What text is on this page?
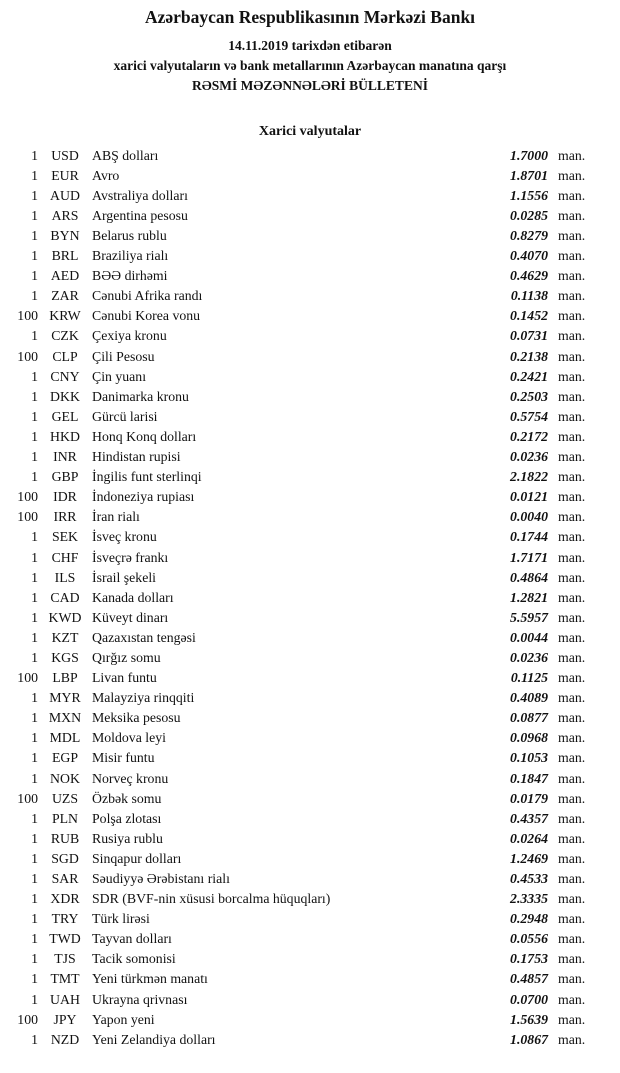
Azərbaycan Respublikasının Mərkəzi Bankı
14.11.2019 tarixdən etibarən
xarici valyutaların və bank metallarının Azərbaycan manatına qarşı
RƏSMİ MƏZƏNNƏLƏRİ BÜLLETENİ
Xarici valyutalar
1 USD ABŞ dolları	1.7000 man.
1 EUR Avro	1.8701 man.
1 AUD Avstraliya dolları	1.1556 man.
1 ARS Argentina pesosu	0.0285 man.
1 BYN Belarus rublu	0.8279 man.
1 BRL Braziliya rialı	0.4070 man.
1 AED BƏƏ dirhəmi	0.4629 man.
1 ZAR Cənubi Afrika randı	0.1138 man.
100 KRW Cənubi Korea vonu	0.1452 man.
1 CZK Çexiya kronu	0.0731 man.
100	CLP	Çili Pesosu	0.2138 man.
1 CNY Çin yuanı	0.2421 man.
1 DKK Danimarka kronu	0.2503 man.
1 GEL Gürcü larisi	0.5754 man.
1 HKD Honq Konq dolları	0.2172 man.
1	INR	Hindistan rupisi	0.0236 man.
1 GBP İngilis funt sterlinqi	2.1822 man.
100	IDR	İndoneziya rupiası	0.0121 man.
100	IRR	İran rialı	0.0040 man.
1	SEK	İsveç kronu	0.1744 man.
1 CHF İsveçrə frankı	1.7171 man.
1	ILS	İsrail şekeli	0.4864 man.
1 CAD Kanada dolları	1.2821 man.
1 KWD Küveyt dinarı	5.5957 man.
1 KZT Qazaxıstan tengəsi	0.0044 man.
1 KGS Qırğız somu	0.0236 man.
100	LBP	Livan funtu	0.1125 man.
1 MYR Malayziya rinqqiti	0.4089 man.
1 MXN Meksika pesosu	0.0877 man.
1 MDL Moldova leyi	0.0968 man.
1	EGP	Misir funtu	0.1053 man.
1 NOK Norveç kronu	0.1847 man.
100	UZS	Özbək somu	0.0179 man.
1	PLN	Polşa zlotası	0.4357 man.
1 RUB Rusiya rublu	0.0264 man.
1 SGD Sinqapur dolları	1.2469 man.
1 SAR Səudiyyə Ərəbistanı rialı	0.4533 man.
1 XDR SDR (BVF-nin xüsusi borcalma hüquqları)	2.3335 man.
1 TRY Türk lirəsi	0.2948 man.
1 TWD Tayvan dolları	0.0556 man.
1	TJS	Tacik somonisi	0.1753 man.
1 TMT Yeni türkmən manatı	0.4857 man.
1 UAH Ukrayna qrivnası	0.0700 man.
100	JPY	Yapon yeni	1.5639 man.
1 NZD Yeni Zelandiya dolları	1.0867 man.
